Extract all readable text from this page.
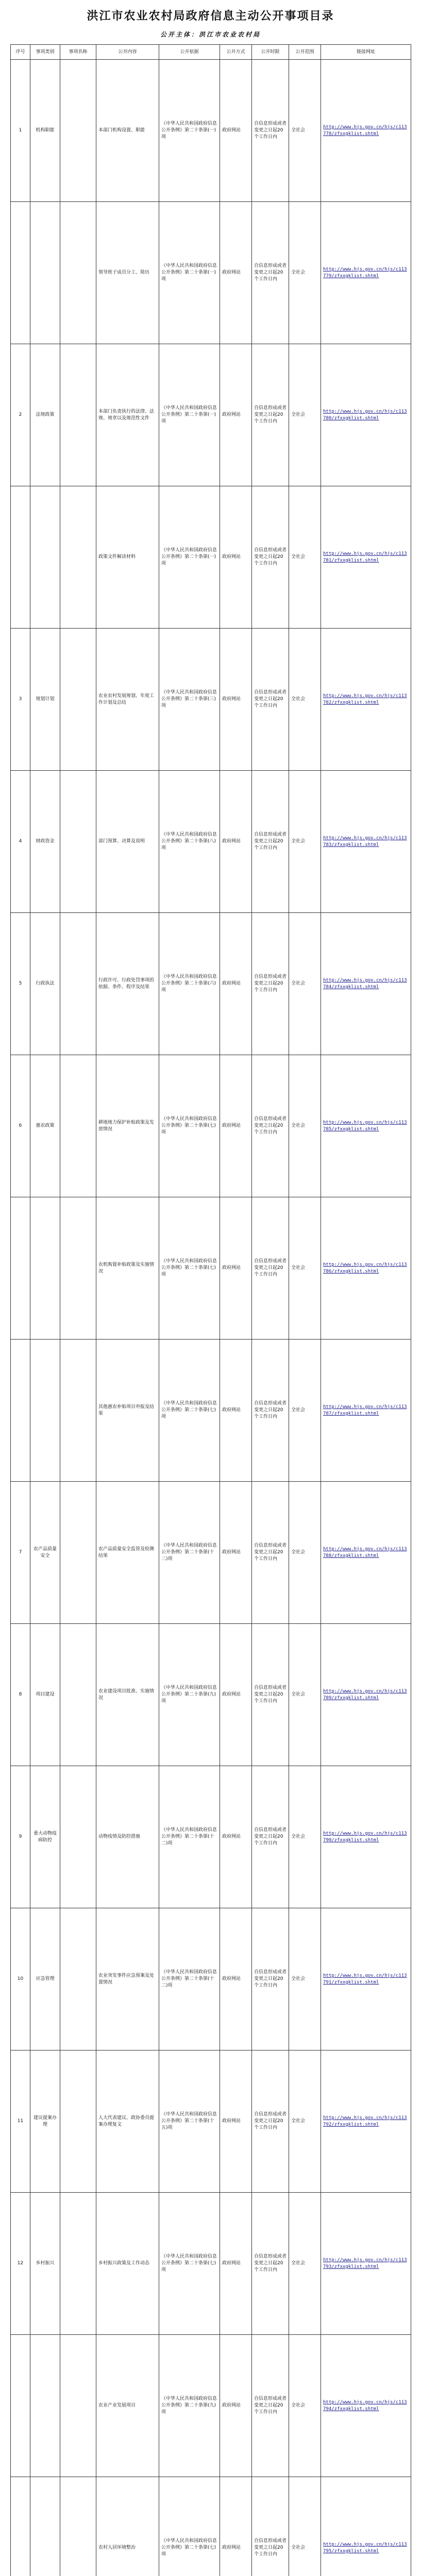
洪江市农业农村局政府信息主动公开事项目录
公开主体：洪江市农业农村局
序号	事项类别	事项名称	公开内容	公开依据	公开方式	公开时限	公开范围	链接网址
1	机构职能		本部门机构设置、职能	《中华人民共和国政府信息公开条例》第二十条第(一)项	政府网站	自信息形成或者变更之日起20个工作日内	全社会	http://www.hjs.gov.cn/hjs/c113778/zfxxgklist.shtml
			领导班子成员分工、简历	《中华人民共和国政府信息公开条例》第二十条第(一)项	政府网站	自信息形成或者变更之日起20个工作日内	全社会	http://www.hjs.gov.cn/hjs/c113779/zfxxgklist.shtml
2	法规政策		本部门负责执行的法律、法规、规章以及规范性文件	《中华人民共和国政府信息公开条例》第二十条第(一)项	政府网站	自信息形成或者变更之日起20个工作日内	全社会	http://www.hjs.gov.cn/hjs/c113780/zfxxgklist.shtml
			政策文件解读材料	《中华人民共和国政府信息公开条例》第二十条第(一)项	政府网站	自信息形成或者变更之日起20个工作日内	全社会	http://www.hjs.gov.cn/hjs/c113781/zfxxgklist.shtml
3	规划计划		农业农村发展规划、年度工作计划及总结	《中华人民共和国政府信息公开条例》第二十条第(三)项	政府网站	自信息形成或者变更之日起20个工作日内	全社会	http://www.hjs.gov.cn/hjs/c113782/zfxxgklist.shtml
4	财政资金		部门预算、决算及说明	《中华人民共和国政府信息公开条例》第二十条第(八)项	政府网站	自信息形成或者变更之日起20个工作日内	全社会	http://www.hjs.gov.cn/hjs/c113783/zfxxgklist.shtml
5	行政执法		行政许可、行政处罚事项的依据、条件、程序及结果	《中华人民共和国政府信息公开条例》第二十条第(六)项	政府网站	自信息形成或者变更之日起20个工作日内	全社会	http://www.hjs.gov.cn/hjs/c113784/zfxxgklist.shtml
6	惠农政策		耕地地力保护补贴政策及发放情况	《中华人民共和国政府信息公开条例》第二十条第(七)项	政府网站	自信息形成或者变更之日起20个工作日内	全社会	http://www.hjs.gov.cn/hjs/c113785/zfxxgklist.shtml
			农机购置补贴政策及实施情况	《中华人民共和国政府信息公开条例》第二十条第(七)项	政府网站	自信息形成或者变更之日起20个工作日内	全社会	http://www.hjs.gov.cn/hjs/c113786/zfxxgklist.shtml
			其他惠农补贴项目申报及结果	《中华人民共和国政府信息公开条例》第二十条第(七)项	政府网站	自信息形成或者变更之日起20个工作日内	全社会	http://www.hjs.gov.cn/hjs/c113787/zfxxgklist.shtml
7	农产品质量安全		农产品质量安全监管及检测结果	《中华人民共和国政府信息公开条例》第二十条第(十二)项	政府网站	自信息形成或者变更之日起20个工作日内	全社会	http://www.hjs.gov.cn/hjs/c113788/zfxxgklist.shtml
8	项目建设		农业建设项目批准、实施情况	《中华人民共和国政府信息公开条例》第二十条第(九)项	政府网站	自信息形成或者变更之日起20个工作日内	全社会	http://www.hjs.gov.cn/hjs/c113789/zfxxgklist.shtml
9	重大动物疫病防控		动物疫情及防控措施	《中华人民共和国政府信息公开条例》第二十条第(十二)项	政府网站	自信息形成或者变更之日起20个工作日内	全社会	http://www.hjs.gov.cn/hjs/c113790/zfxxgklist.shtml
10	应急管理		农业突发事件应急预案及处置情况	《中华人民共和国政府信息公开条例》第二十条第(十二)项	政府网站	自信息形成或者变更之日起20个工作日内	全社会	http://www.hjs.gov.cn/hjs/c113791/zfxxgklist.shtml
11	建议提案办理		人大代表建议、政协委员提案办理复文	《中华人民共和国政府信息公开条例》第二十条第(十五)项	政府网站	自信息形成或者变更之日起20个工作日内	全社会	http://www.hjs.gov.cn/hjs/c113792/zfxxgklist.shtml
12	乡村振兴		乡村振兴政策及工作动态	《中华人民共和国政府信息公开条例》第二十条第(七)项	政府网站	自信息形成或者变更之日起20个工作日内	全社会	http://www.hjs.gov.cn/hjs/c113793/zfxxgklist.shtml
			农业产业发展项目	《中华人民共和国政府信息公开条例》第二十条第(九)项	政府网站	自信息形成或者变更之日起20个工作日内	全社会	http://www.hjs.gov.cn/hjs/c113794/zfxxgklist.shtml
			农村人居环境整治	《中华人民共和国政府信息公开条例》第二十条第(七)项	政府网站	自信息形成或者变更之日起20个工作日内	全社会	http://www.hjs.gov.cn/hjs/c113795/zfxxgklist.shtml
